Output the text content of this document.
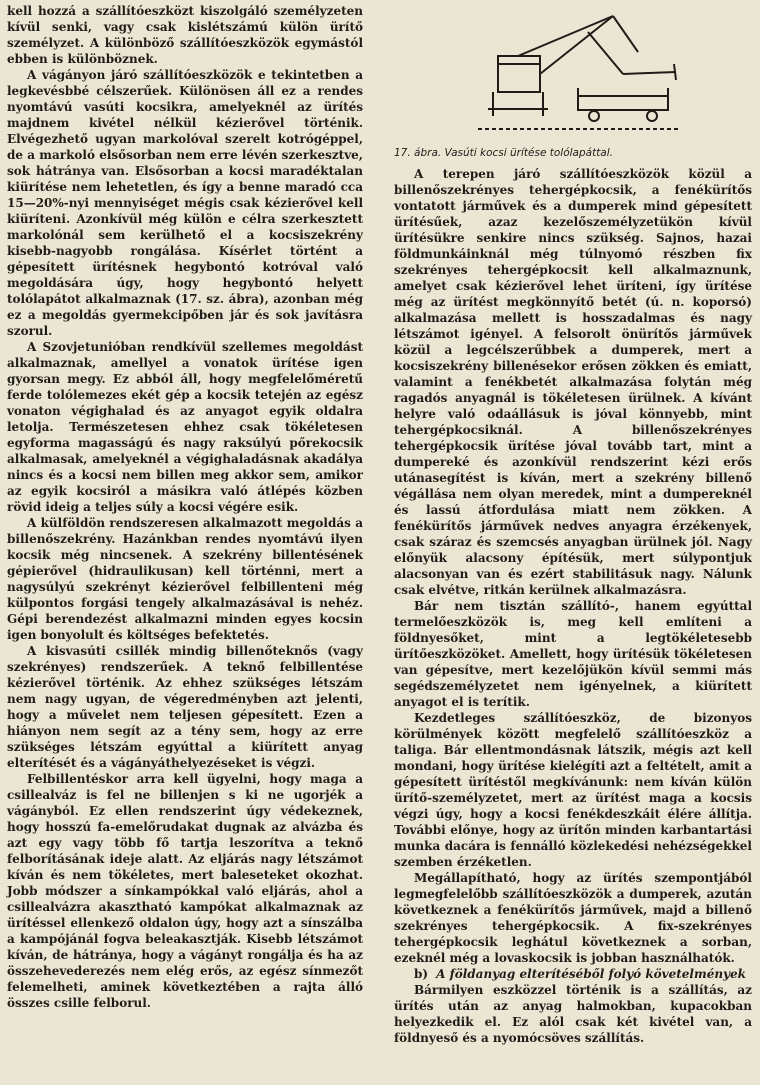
kell hozzá a szállítóeszközt kiszolgáló személyzeten kívül senki, vagy csak kislétszámú külön ürítő személyzet. A különböző szállítóeszközök egymástól ebben is különböznek.

A vágányon járó szállítóeszközök e tekintetben a legkevésbbé célszerűek. Különösen áll ez a rendes nyomtávú vasúti kocsikra, amelyeknél az ürítés majdnem kivétel nélkül kézierővel történik. Elvégezhető ugyan markolóval szerelt kotrógéppel, de a markoló elsősorban nem erre lévén szerkesztve, sok hátránya van. Elsősorban a kocsi maradéktalan kiürítése nem lehetetlen, és így a benne maradó cca 15—20%-nyi mennyiséget mégis csak kézierővel kell kiüríteni. Azonkívül még külön e célra szerkesztett markolónál sem kerülhető el a kocsiszekrény kisebb-nagyobb rongálása. Kísérlet történt a gépesített ürítésnek hegybontó kotróval való megoldására úgy, hogy hegybontó helyett tolólapátot alkalmaznak (17. sz. ábra), azonban még ez a megoldás gyermekcipőben jár és sok javításra szorul.

A Szovjetunióban rendkívül szellemes megoldást alkalmaznak, amellyel a vonatok ürítése igen gyorsan megy. Ez abból áll, hogy megfelelőméretű ferde tolólemezes ekét gép a kocsik tetején az egész vonaton végighalad és az anyagot egyik oldalra letolja. Természetesen ehhez csak tökéletesen egyforma magasságú és nagy raksúlyú pőrekocsik alkalmasak, amelyeknél a végighaladásnak akadálya nincs és a kocsi nem billen meg akkor sem, amikor az egyik kocsiról a másikra való átlépés közben rövid ideig a teljes súly a kocsi végére esik.

A külföldön rendszeresen alkalmazott megoldás a billenőszekrény. Hazánkban rendes nyomtávú ilyen kocsik még nincsenek. A szekrény billentésének gépierővel (hidraulikusan) kell történni, mert a nagysúlyú szekrényt kézierővel felbillenteni még külpontos forgási tengely alkalmazásával is nehéz. Gépi berendezést alkalmazni minden egyes kocsin igen bonyolult és költséges befektetés.

A kisvasúti csillék mindig billenőteknős (vagy szekrényes) rendszerűek. A teknő felbillentése kézierővel történik. Az ehhez szükséges létszám nem nagy ugyan, de végeredményben azt jelenti, hogy a művelet nem teljesen gépesített. Ezen a hiányon nem segít az a tény sem, hogy az erre szükséges létszám egyúttal a kiürített anyag elterítését és a vágányáthelyezéseket is végzi.

Felbillentéskor arra kell ügyelni, hogy maga a csillealváz is fel ne billenjen s ki ne ugorjék a vágányból. Ez ellen rendszerint úgy védekeznek, hogy hosszú fa-emelőrudakat dugnak az alvázba és azt egy vagy több fő tartja leszorítva a teknő felborításának ideje alatt. Az eljárás nagy létszámot kíván és nem tökéletes, mert baleseteket okozhat. Jobb módszer a sínkampókkal való eljárás, ahol a csillealvázra akasztható kampókat alkalmaznak az ürítéssel ellenkező oldalon úgy, hogy azt a sínszálba a kampójánál fogva beleakasztják. Kisebb létszámot kíván, de hátránya, hogy a vágányt rongálja és ha az összehevederezés nem elég erős, az egész sínmezőt felemelheti, aminek következtében a rajta álló összes csille felborul.

17. ábra. Vasúti kocsi ürítése tolólapáttal.

A terepen járó szállítóeszközök közül a billenőszekrényes tehergépkocsik, a fenékürítős vontatott járművek és a dumperek mind gépesített ürítésűek, azaz kezelőszemélyzetükön kívül ürítésükre senkire nincs szükség. Sajnos, hazai földmunkáinknál még túlnyomó részben fix szekrényes tehergépkocsit kell alkalmaznunk, amelyet csak kézierővel lehet üríteni, így ürítése még az ürítést megkönnyítő betét (ú. n. koporsó) alkalmazása mellett is hosszadalmas és nagy létszámot igényel. A felsorolt önürítős járművek közül a legcélszerűbbek a dumperek, mert a kocsiszekrény billenésekor erősen zökken és emiatt, valamint a fenékbetét alkalmazása folytán még ragadós anyagnál is tökéletesen ürülnek. A kívánt helyre való odaállásuk is jóval könnyebb, mint tehergépkocsiknál. A billenőszekrényes tehergépkocsik ürítése jóval tovább tart, mint a dumpereké és azonkívül rendszerint kézi erős utánasegítést is kíván, mert a szekrény billenő végállása nem olyan meredek, mint a dumpereknél és lassú átfordulása miatt nem zökken. A fenékürítős járművek nedves anyagra érzékenyek, csak száraz és szemcsés anyagban ürülnek jól. Nagy előnyük alacsony építésük, mert súlypontjuk alacsonyan van és ezért stabilitásuk nagy. Nálunk csak elvétve, ritkán kerülnek alkalmazásra.

Bár nem tisztán szállító-, hanem egyúttal termelőeszközök is, meg kell említeni a földnyesőket, mint a legtökéletesebb ürítőeszközöket. Amellett, hogy ürítésük tökéletesen van gépesítve, mert kezelőjükön kívül semmi más segédszemélyzetet nem igényelnek, a kiürített anyagot el is terítik.

Kezdetleges szállítóeszköz, de bizonyos körülmények között megfelelő szállítóeszköz a taliga. Bár ellentmondásnak látszik, mégis azt kell mondani, hogy ürítése kielégíti azt a feltételt, amit a gépesített ürítéstől megkívánunk: nem kíván külön ürítő-személyzetet, mert az ürítést maga a kocsis végzi úgy, hogy a kocsi fenékdeszkáit élére állítja. További előnye, hogy az ürítőn minden karbantartási munka dacára is fennálló közlekedési nehézségekkel szemben érzéketlen.

Megállapítható, hogy az ürítés szempontjából legmegfelelőbb szállítóeszközök a dumperek, azután következnek a fenékürítős járművek, majd a billenő szekrényes tehergépkocsik. A fix-szekrényes tehergépkocsik leghátul következnek a sorban, ezeknél még a lovaskocsik is jobban használhatók.

b) A földanyag elterítéséből folyó követelmények

Bármilyen eszközzel történik is a szállítás, az ürítés után az anyag halmokban, kupacokban helyezkedik el. Ez alól csak két kivétel van, a földnyeső és a nyomócsöves szállítás.
